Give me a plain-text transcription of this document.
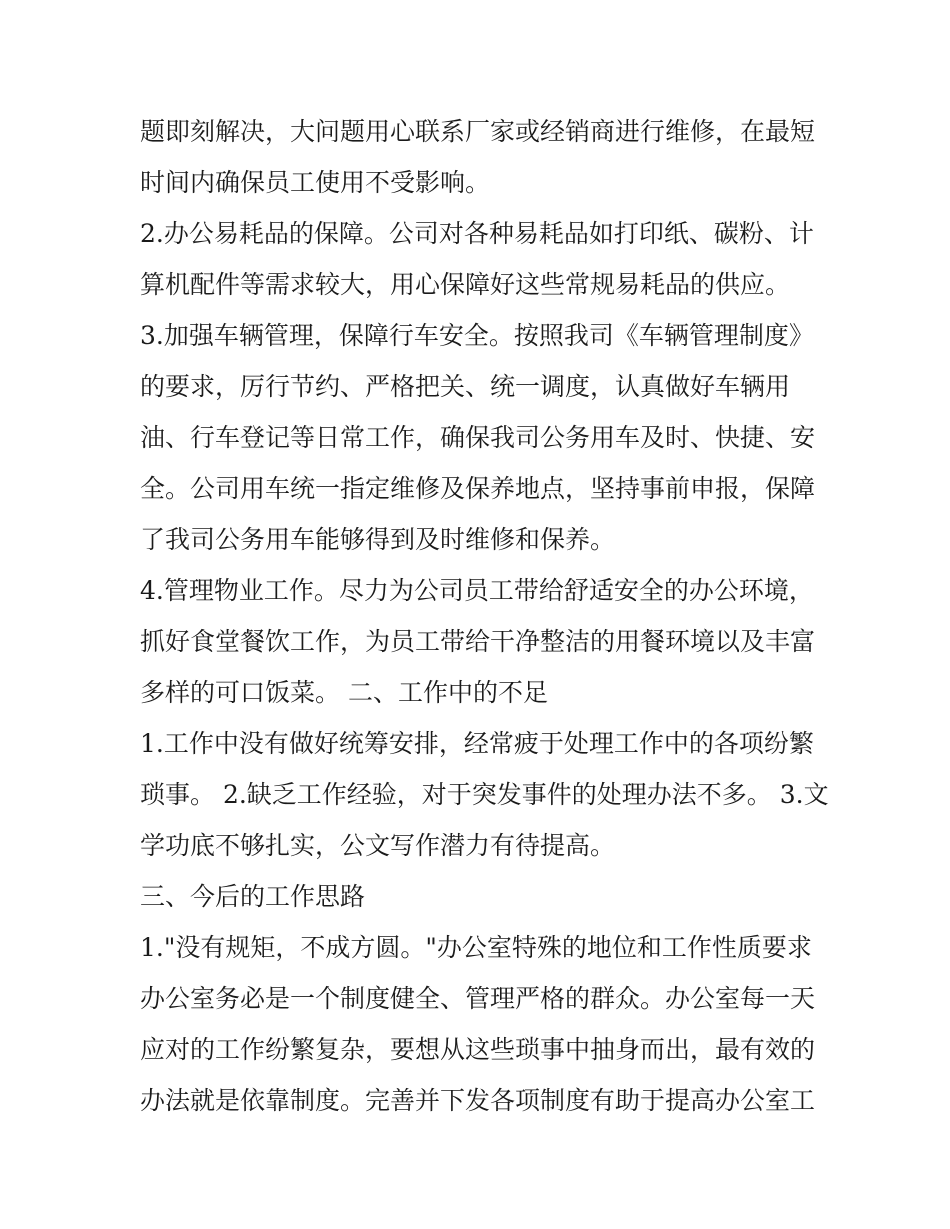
题即刻解决，大问题用心联系厂家或经销商进行维修，在最短
时间内确保员工使用不受影响。
2.办公易耗品的保障。公司对各种易耗品如打印纸、碳粉、计
算机配件等需求较大，用心保障好这些常规易耗品的供应。
3.加强车辆管理，保障行车安全。按照我司《车辆管理制度》
的要求，厉行节约、严格把关、统一调度，认真做好车辆用
油、行车登记等日常工作，确保我司公务用车及时、快捷、安
全。公司用车统一指定维修及保养地点，坚持事前申报，保障
了我司公务用车能够得到及时维修和保养。
4.管理物业工作。尽力为公司员工带给舒适安全的办公环境，
抓好食堂餐饮工作，为员工带给干净整洁的用餐环境以及丰富
多样的可口饭菜。 二、工作中的不足
1.工作中没有做好统筹安排，经常疲于处理工作中的各项纷繁
琐事。 2.缺乏工作经验，对于突发事件的处理办法不多。 3.文
学功底不够扎实，公文写作潜力有待提高。
三、今后的工作思路
1."没有规矩，不成方圆。"办公室特殊的地位和工作性质要求
办公室务必是一个制度健全、管理严格的群众。办公室每一天
应对的工作纷繁复杂，要想从这些琐事中抽身而出，最有效的
办法就是依靠制度。完善并下发各项制度有助于提高办公室工
